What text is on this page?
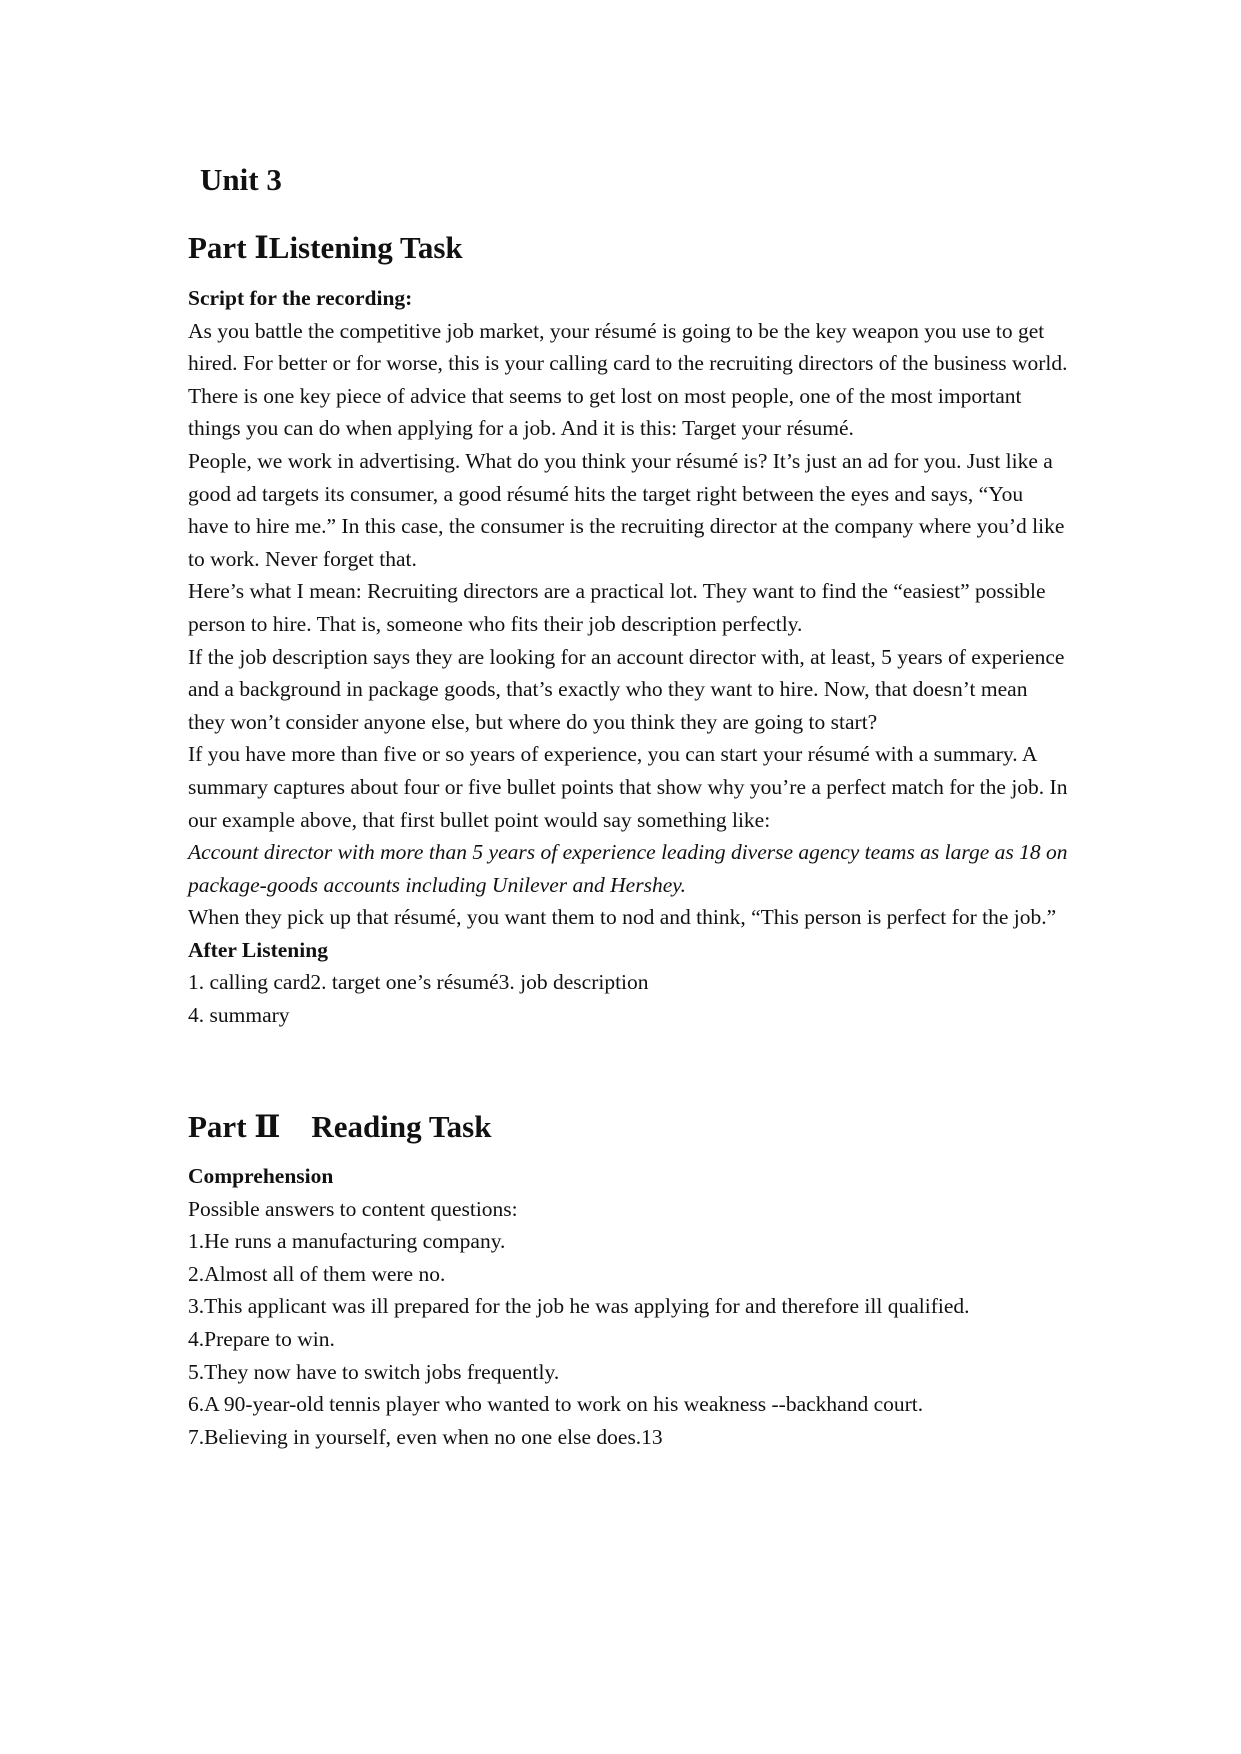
Unit 3
Part ⅠListening Task

Script for the recording:

As you battle the competitive job market, your résumé is going to be the key weapon you use to get hired. For better or for worse, this is your calling card to the recruiting directors of the business world.

There is one key piece of advice that seems to get lost on most people, one of the most important things you can do when applying for a job. And it is this: Target your résumé.

People, we work in advertising. What do you think your résumé is? It’s just an ad for you. Just like a good ad targets its consumer, a good résumé hits the target right between the eyes and says, “You have to hire me.” In this case, the consumer is the recruiting director at the company where you’d like to work. Never forget that.

Here’s what I mean: Recruiting directors are a practical lot. They want to find the “easiest” possible person to hire. That is, someone who fits their job description perfectly.

If the job description says they are looking for an account director with, at least, 5 years of experience and a background in package goods, that’s exactly who they want to hire. Now, that doesn’t mean they won’t consider anyone else, but where do you think they are going to start?

If you have more than five or so years of experience, you can start your résumé with a summary. A summary captures about four or five bullet points that show why you’re a perfect match for the job. In our example above, that first bullet point would say something like:

Account director with more than 5 years of experience leading diverse agency teams as large as 18 on package-goods accounts including Unilever and Hershey.

When they pick up that résumé, you want them to nod and think, “This person is perfect for the job.”

After Listening

1. calling card2. target one’s résumé3. job description

4. summary

Part Ⅱ    Reading Task

Comprehension

Possible answers to content questions:

1.He runs a manufacturing company.

2.Almost all of them were no.

3.This applicant was ill prepared for the job he was applying for and therefore ill qualified.

4.Prepare to win.

5.They now have to switch jobs frequently.

6.A 90-year-old tennis player who wanted to work on his weakness --backhand court.

7.Believing in yourself, even when no one else does.13
